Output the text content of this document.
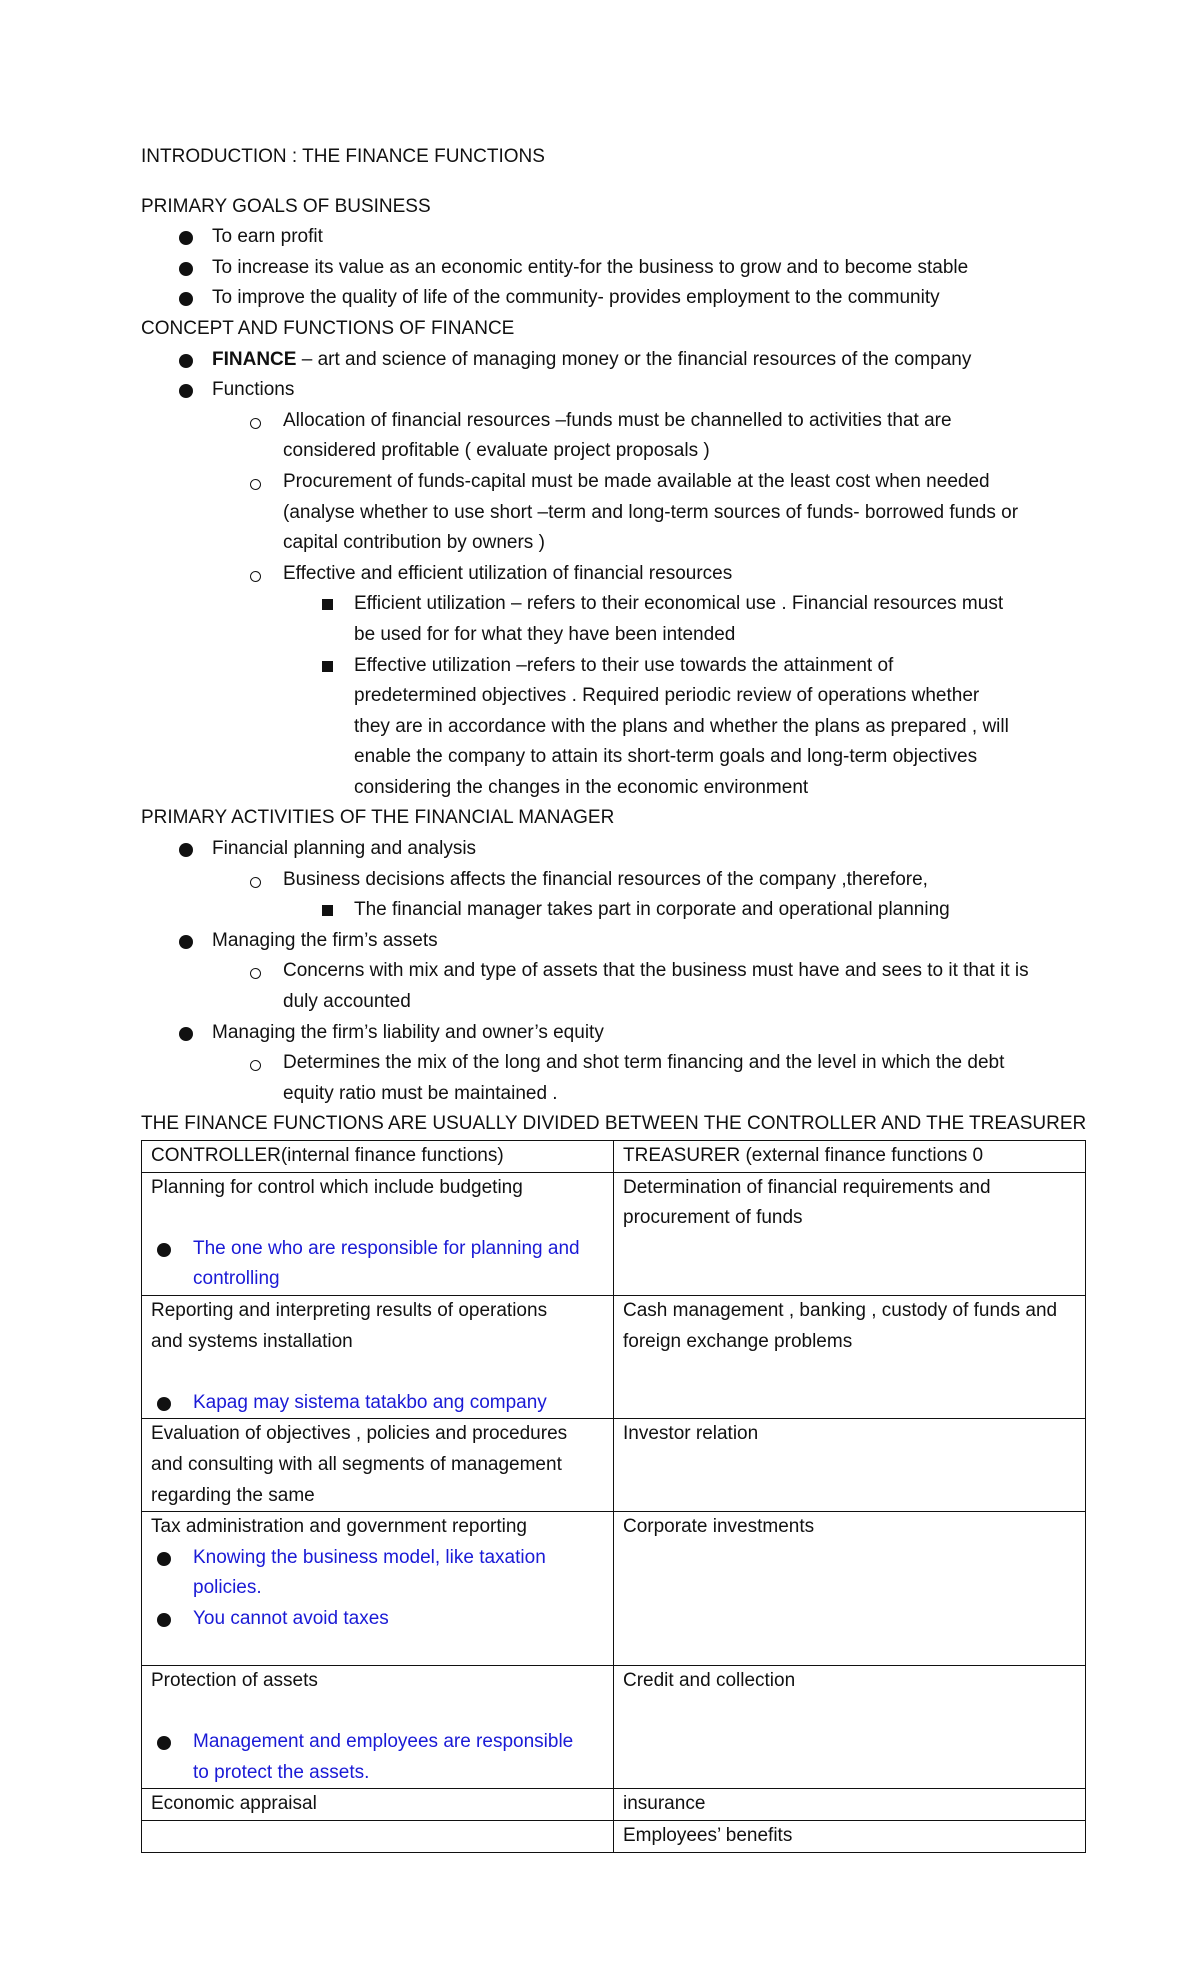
INTRODUCTION : THE FINANCE FUNCTIONS
PRIMARY GOALS OF BUSINESS
To earn profit
To increase its value as an economic entity-for the business to grow and to become stable
To improve the quality of life of the community- provides employment to the community
CONCEPT AND FUNCTIONS OF FINANCE
FINANCE – art and science of managing money or the financial resources of the company
Functions
Allocation of financial resources –funds must be channelled to activities that are
considered profitable ( evaluate project proposals )
Procurement of funds-capital must be made available at the least cost when needed
(analyse whether to use short –term and long-term sources of funds- borrowed funds or
capital contribution by owners )
Effective and efficient utilization of financial resources
Efficient utilization – refers to their economical use . Financial resources must
be used for for what they have been intended
Effective utilization –refers to their use towards the attainment of
predetermined objectives . Required periodic review of operations whether
they are in accordance with the plans and whether the plans as prepared , will
enable the company to attain its short-term goals and long-term objectives
considering the changes in the economic environment
PRIMARY ACTIVITIES OF THE FINANCIAL MANAGER
Financial planning and analysis
Business decisions affects the financial resources of the company ,therefore,
The financial manager takes part in corporate and operational planning
Managing the firm’s assets
Concerns with mix and type of assets that the business must have and sees to it that it is
duly accounted
Managing the firm’s liability and owner’s equity
Determines the mix of the long and shot term financing and the level in which the debt
equity ratio must be maintained .
THE FINANCE FUNCTIONS ARE USUALLY DIVIDED BETWEEN THE CONTROLLER AND THE TREASURER
CONTROLLER(internal finance functions)	TREASURER (external finance functions 0

Planning for control which include budgeting
The one who are responsible for planning and
controlling	Determination of financial requirements and
procurement of funds

Reporting and interpreting results of operations
and systems installation
Kapag may sistema tatakbo ang company	Cash management , banking , custody of funds and
foreign exchange problems

Evaluation of objectives , policies and procedures
and consulting with all segments of management
regarding the same	Investor relation

Tax administration and government reporting
Knowing the business model, like taxation
policies.
You cannot avoid taxes	Corporate investments

Protection of assets
Management and employees are responsible
to protect the assets.	Credit and collection

Economic appraisal	insurance

	Employees’ benefits
